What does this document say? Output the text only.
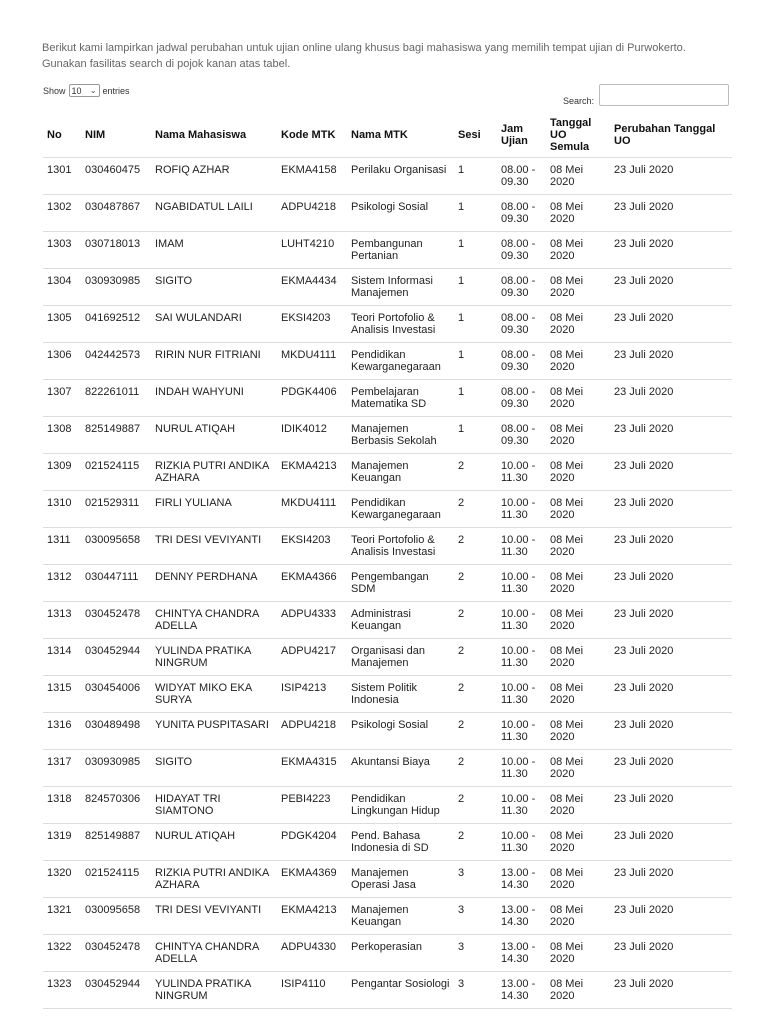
Berikut kami lampirkan jadwal perubahan untuk ujian online ulang khusus bagi mahasiswa yang memilih tempat ujian di Purwokerto.
Gunakan fasilitas search di pojok kanan atas tabel.
Show 10 ⌄ entries
Search:
No	NIM	Nama Mahasiswa	Kode MTK	Nama MTK	Sesi	Jam Ujian	Tanggal UO Semula	Perubahan Tanggal UO
1301	030460475	ROFIQ AZHAR	EKMA4158	Perilaku Organisasi	1	08.00 - 09.30	08 Mei 2020	23 Juli 2020
1302	030487867	NGABIDATUL LAILI	ADPU4218	Psikologi Sosial	1	08.00 - 09.30	08 Mei 2020	23 Juli 2020
1303	030718013	IMAM	LUHT4210	Pembangunan Pertanian	1	08.00 - 09.30	08 Mei 2020	23 Juli 2020
1304	030930985	SIGITO	EKMA4434	Sistem Informasi Manajemen	1	08.00 - 09.30	08 Mei 2020	23 Juli 2020
1305	041692512	SAI WULANDARI	EKSI4203	Teori Portofolio & Analisis Investasi	1	08.00 - 09.30	08 Mei 2020	23 Juli 2020
1306	042442573	RIRIN NUR FITRIANI	MKDU4111	Pendidikan Kewarganegaraan	1	08.00 - 09.30	08 Mei 2020	23 Juli 2020
1307	822261011	INDAH WAHYUNI	PDGK4406	Pembelajaran Matematika SD	1	08.00 - 09.30	08 Mei 2020	23 Juli 2020
1308	825149887	NURUL ATIQAH	IDIK4012	Manajemen Berbasis Sekolah	1	08.00 - 09.30	08 Mei 2020	23 Juli 2020
1309	021524115	RIZKIA PUTRI ANDIKA AZHARA	EKMA4213	Manajemen Keuangan	2	10.00 - 11.30	08 Mei 2020	23 Juli 2020
1310	021529311	FIRLI YULIANA	MKDU4111	Pendidikan Kewarganegaraan	2	10.00 - 11.30	08 Mei 2020	23 Juli 2020
1311	030095658	TRI DESI VEVIYANTI	EKSI4203	Teori Portofolio & Analisis Investasi	2	10.00 - 11.30	08 Mei 2020	23 Juli 2020
1312	030447111	DENNY PERDHANA	EKMA4366	Pengembangan SDM	2	10.00 - 11.30	08 Mei 2020	23 Juli 2020
1313	030452478	CHINTYA CHANDRA ADELLA	ADPU4333	Administrasi Keuangan	2	10.00 - 11.30	08 Mei 2020	23 Juli 2020
1314	030452944	YULINDA PRATIKA NINGRUM	ADPU4217	Organisasi dan Manajemen	2	10.00 - 11.30	08 Mei 2020	23 Juli 2020
1315	030454006	WIDYAT MIKO EKA SURYA	ISIP4213	Sistem Politik Indonesia	2	10.00 - 11.30	08 Mei 2020	23 Juli 2020
1316	030489498	YUNITA PUSPITASARI	ADPU4218	Psikologi Sosial	2	10.00 - 11.30	08 Mei 2020	23 Juli 2020
1317	030930985	SIGITO	EKMA4315	Akuntansi Biaya	2	10.00 - 11.30	08 Mei 2020	23 Juli 2020
1318	824570306	HIDAYAT TRI SIAMTONO	PEBI4223	Pendidikan Lingkungan Hidup	2	10.00 - 11.30	08 Mei 2020	23 Juli 2020
1319	825149887	NURUL ATIQAH	PDGK4204	Pend. Bahasa Indonesia di SD	2	10.00 - 11.30	08 Mei 2020	23 Juli 2020
1320	021524115	RIZKIA PUTRI ANDIKA AZHARA	EKMA4369	Manajemen Operasi Jasa	3	13.00 - 14.30	08 Mei 2020	23 Juli 2020
1321	030095658	TRI DESI VEVIYANTI	EKMA4213	Manajemen Keuangan	3	13.00 - 14.30	08 Mei 2020	23 Juli 2020
1322	030452478	CHINTYA CHANDRA ADELLA	ADPU4330	Perkoperasian	3	13.00 - 14.30	08 Mei 2020	23 Juli 2020
1323	030452944	YULINDA PRATIKA NINGRUM	ISIP4110	Pengantar Sosiologi	3	13.00 - 14.30	08 Mei 2020	23 Juli 2020
